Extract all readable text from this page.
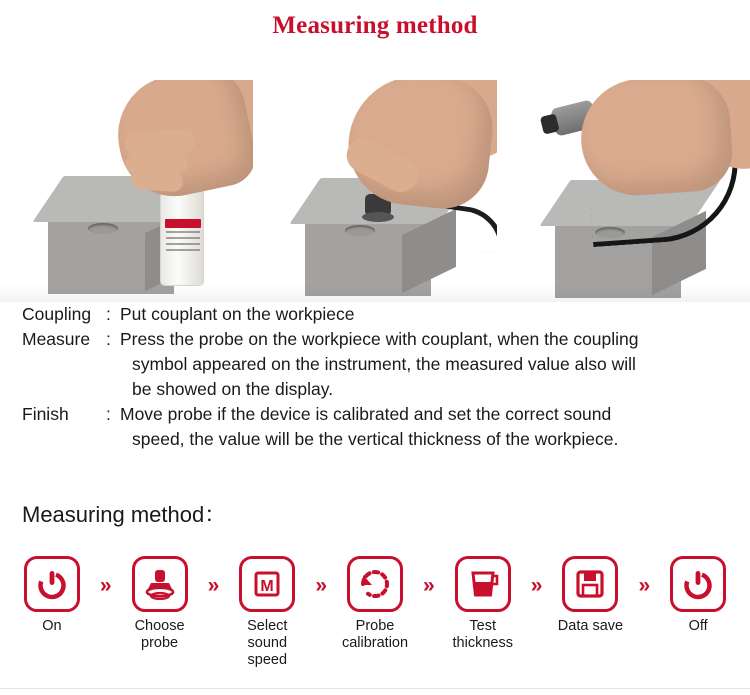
Measuring method
Coupling : Put couplant on the workpiece
Measure : Press the probe on the workpiece with couplant, when the coupling
symbol appeared on the instrument, the measured value also will
be showed on the display.
Finish	: Move probe if the device is calibrated and set the correct sound
speed, the value will be the vertical thickness of the workpiece.
Measuring method：
On
»
Choose
probe
»	M
Select sound
speed
»
Probe
calibration
»
Test
thickness
»
Data save
»
Off
